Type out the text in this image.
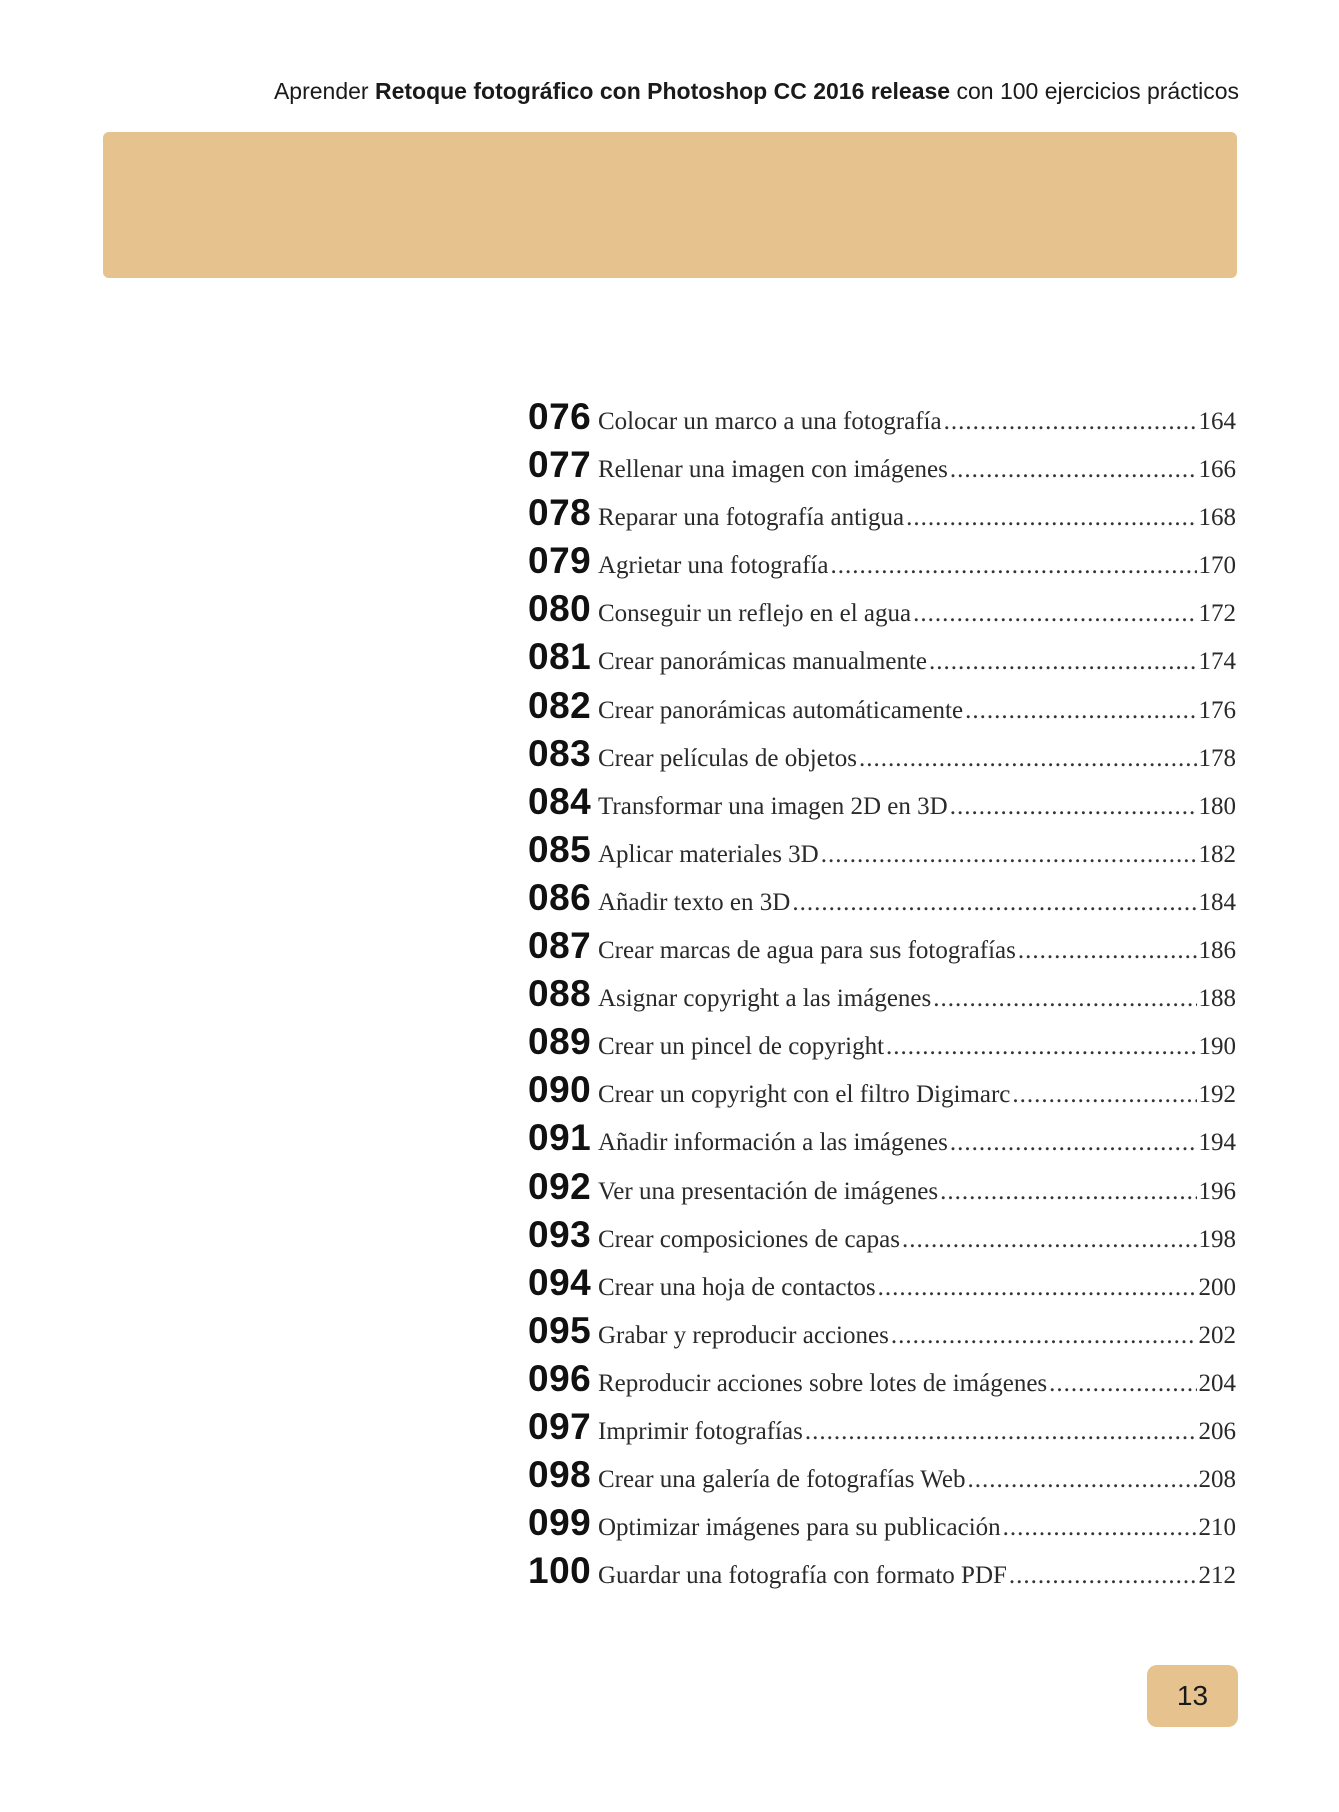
Aprender Retoque fotográfico con Photoshop CC 2016 release con 100 ejercicios prácticos
076 Colocar un marco a una fotografía .....	164
077 Rellenar una imagen con imágenes .....	166
078 Reparar una fotografía antigua .....	168
079 Agrietar una fotografía .....	170
080 Conseguir un reflejo en el agua .....	172
081 Crear panorámicas manualmente .....	174
082 Crear panorámicas automáticamente .....	176
083 Crear películas de objetos .....	178
084 Transformar una imagen 2D en 3D .....	180
085 Aplicar materiales 3D .....	182
086 Añadir texto en 3D .....	184
087 Crear marcas de agua para sus fotografías .....	186
088 Asignar copyright a las imágenes .....	188
089 Crear un pincel de copyright .....	190
090 Crear un copyright con el filtro Digimarc .....	192
091 Añadir información a las imágenes .....	194
092 Ver una presentación de imágenes .....	196
093 Crear composiciones de capas .....	198
094 Crear una hoja de contactos .....	200
095 Grabar y reproducir acciones .....	202
096 Reproducir acciones sobre lotes de imágenes .....	204
097 Imprimir fotografías .....	206
098 Crear una galería de fotografías Web .....	208
099 Optimizar imágenes para su publicación .....	210
100 Guardar una fotografía con formato PDF .....	212
13
